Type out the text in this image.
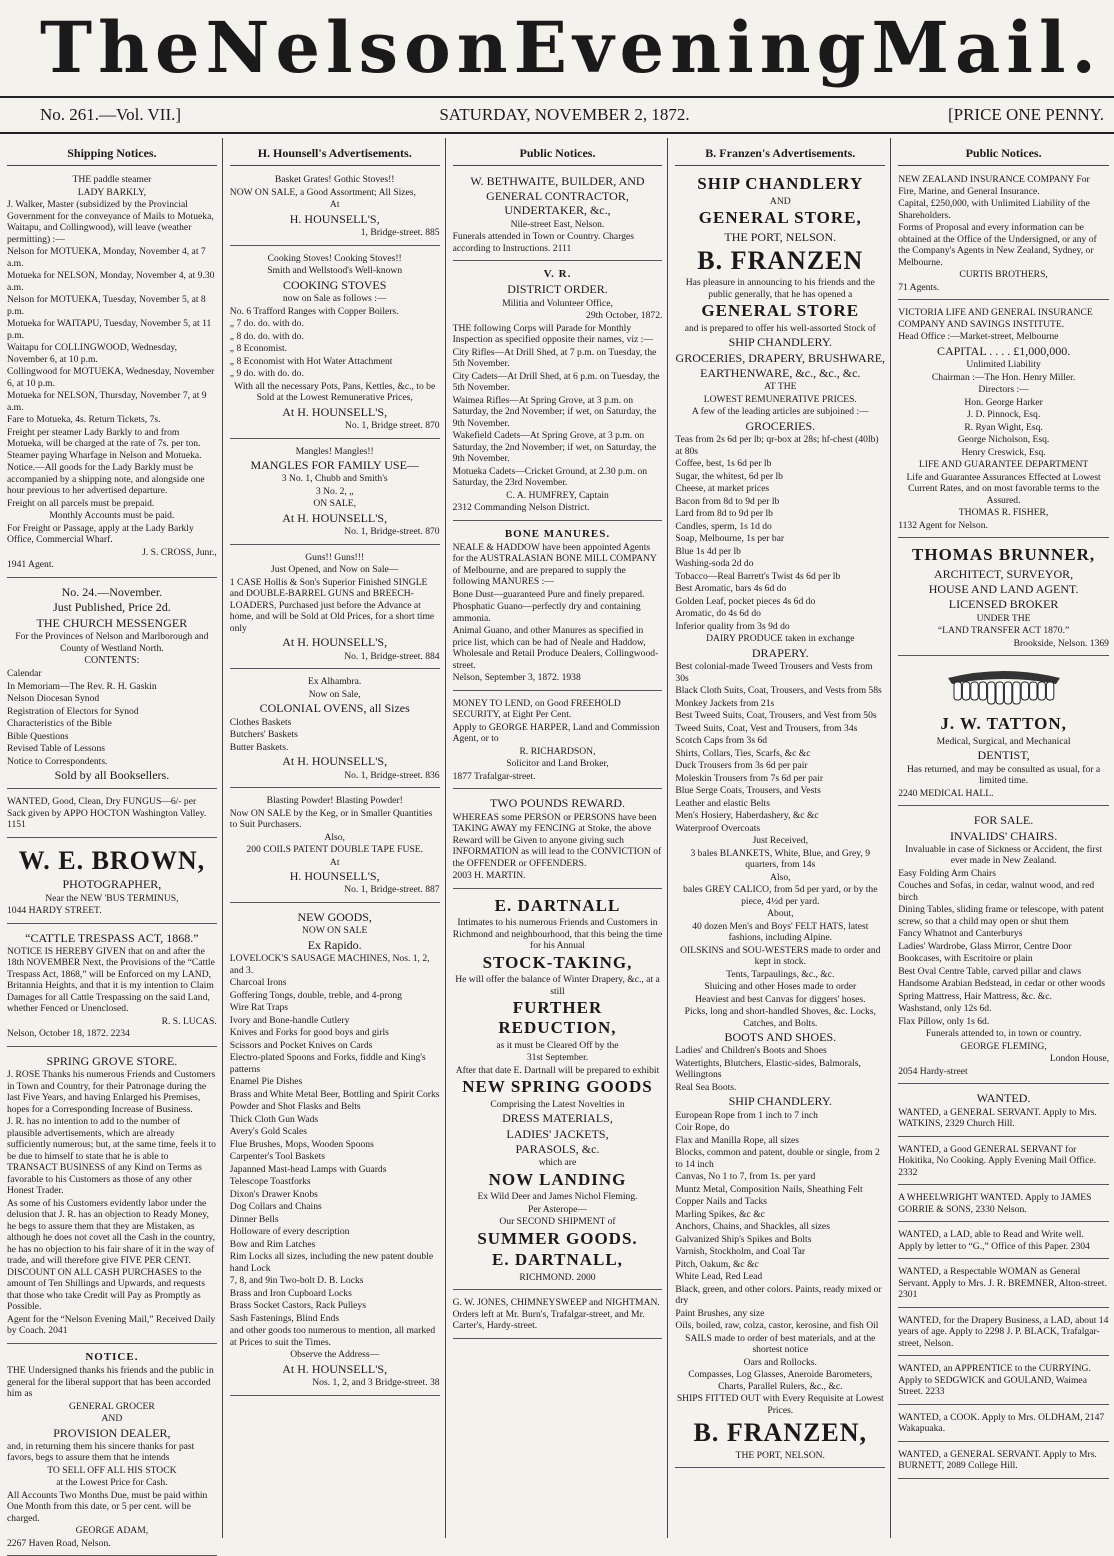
The Nelson Evening Mail.
No. 261.—Vol. VII.]	SATURDAY, NOVEMBER 2, 1872.	[PRICE ONE PENNY.
Shipping Notices.

THE paddle steamer

LADY BARKLY,

J. Walker, Master (subsidized by the Provincial Government for the conveyance of Mails to Motueka, Waitapu, and Collingwood), will leave (weather permitting) :—

Nelson for MOTUEKA, Monday, November 4, at 7 a.m.

Motueka for NELSON, Monday, November 4, at 9.30 a.m.

Nelson for MOTUEKA, Tuesday, November 5, at 8 p.m.

Motueka for WAITAPU, Tuesday, November 5, at 11 p.m.

Waitapu for COLLINGWOOD, Wednesday, November 6, at 10 p.m.

Collingwood for MOTUEKA, Wednesday, November 6, at 10 p.m.

Motueka for NELSON, Thursday, November 7, at 9 a.m.

Fare to Motueka, 4s. Return Tickets, 7s.

Freight per steamer Lady Barkly to and from Motueka, will be charged at the rate of 7s. per ton. Steamer paying Wharfage in Nelson and Motueka.

Notice.—All goods for the Lady Barkly must be accompanied by a shipping note, and alongside one hour previous to her advertised departure.

Freight on all parcels must be prepaid.

Monthly Accounts must be paid.

For Freight or Passage, apply at the Lady Barkly Office, Commercial Wharf.

J. S. CROSS, Junr.,

1941 Agent.

No. 24.—November.

Just Published, Price 2d.

THE CHURCH MESSENGER

For the Provinces of Nelson and Marlborough and County of Westland North.

CONTENTS:

Calendar

In Memoriam—The Rev. R. H. Gaskin

Nelson Diocesan Synod

Registration of Electors for Synod

Characteristics of the Bible

Bible Questions

Revised Table of Lessons

Notice to Correspondents.

Sold by all Booksellers.

WANTED, Good, Clean, Dry FUNGUS—6/- per Sack given by APPO HOCTON Washington Valley. 1151

W. E. BROWN,

PHOTOGRAPHER,

Near the NEW 'BUS TERMINUS,

1044 HARDY STREET.

“CATTLE TRESPASS ACT, 1868.”

NOTICE IS HEREBY GIVEN that on and after the 18th NOVEMBER Next, the Provisions of the “Cattle Trespass Act, 1868,” will be Enforced on my LAND, Britannia Heights, and that it is my intention to Claim Damages for all Cattle Trespassing on the said Land, whether Fenced or Unenclosed.

R. S. LUCAS.

Nelson, October 18, 1872. 2234

SPRING GROVE STORE.

J. ROSE Thanks his numerous Friends and Customers in Town and Country, for their Patronage during the last Five Years, and having Enlarged his Premises, hopes for a Corresponding Increase of Business.

J. R. has no intention to add to the number of plausible advertisements, which are already sufficiently numerous; but, at the same time, feels it to be due to himself to state that he is able to TRANSACT BUSINESS of any Kind on Terms as favorable to his Customers as those of any other Honest Trader.

As some of his Customers evidently labor under the delusion that J. R. has an objection to Ready Money, he begs to assure them that they are Mistaken, as although he does not covet all the Cash in the country, he has no objection to his fair share of it in the way of trade, and will therefore give FIVE PER CENT. DISCOUNT ON ALL CASH PURCHASES to the amount of Ten Shillings and Upwards, and requests that those who take Credit will Pay as Promptly as Possible.

Agent for the “Nelson Evening Mail,” Received Daily by Coach. 2041

NOTICE.

THE Undersigned thanks his friends and the public in general for the liberal support that has been accorded him as

GENERAL GROCER

AND

PROVISION DEALER,

and, in returning them his sincere thanks for past favors, begs to assure them that he intends

TO SELL OFF ALL HIS STOCK

at the Lowest Price for Cash.

All Accounts Two Months Due, must be paid within One Month from this date, or 5 per cent. will be charged.

GEORGE ADAM,

2267 Haven Road, Nelson.

H. Hounsell's Advertisements.

Basket Grates! Gothic Stoves!!

NOW ON SALE, a Good Assortment; All Sizes,

At

H. HOUNSELL'S,

1, Bridge-street. 885

Cooking Stoves! Cooking Stoves!!

Smith and Wellstood's Well-known

COOKING STOVES

now on Sale as follows :—

No. 6 Trafford Ranges with Copper Boilers.

„ 7 do. do. with do.

„ 8 do. do. with do.

„ 8 Economist.

„ 8 Economist with Hot Water Attachment

„ 9 do. with do. do.

With all the necessary Pots, Pans, Kettles, &c., to be Sold at the Lowest Remunerative Prices,

At H. HOUNSELL'S,

No. 1, Bridge street. 870

Mangles! Mangles!!

MANGLES FOR FAMILY USE—

3 No. 1, Chubb and Smith's

3 No. 2, „

ON SALE,

At H. HOUNSELL'S,

No. 1, Bridge-street. 870

Guns!! Guns!!!

Just Opened, and Now on Sale—

1 CASE Hollis & Son's Superior Finished SINGLE and DOUBLE-BARREL GUNS and BREECH-LOADERS, Purchased just before the Advance at home, and will be Sold at Old Prices, for a short time only

At H. HOUNSELL'S,

No. 1, Bridge-street. 884

Ex Alhambra.

Now on Sale,

COLONIAL OVENS, all Sizes

Clothes Baskets

Butchers' Baskets

Butter Baskets.

At H. HOUNSELL'S,

No. 1, Bridge-street. 836

Blasting Powder! Blasting Powder!

Now ON SALE by the Keg, or in Smaller Quantities to Suit Purchasers.

Also,

200 COILS PATENT DOUBLE TAPE FUSE.

At

H. HOUNSELL'S,

No. 1, Bridge-street. 887

NEW GOODS,

NOW ON SALE

Ex Rapido.

LOVELOCK'S SAUSAGE MACHINES, Nos. 1, 2, and 3.

Charcoal Irons

Goffering Tongs, double, treble, and 4-prong

Wire Rat Traps

Ivory and Bone-handle Cutlery

Knives and Forks for good boys and girls

Scissors and Pocket Knives on Cards

Electro-plated Spoons and Forks, fiddle and King's patterns

Enamel Pie Dishes

Brass and White Metal Beer, Bottling and Spirit Corks

Powder and Shot Flasks and Belts

Thick Cloth Gun Wads

Avery's Gold Scales

Flue Brushes, Mops, Wooden Spoons

Carpenter's Tool Baskets

Japanned Mast-head Lamps with Guards

Telescope Toastforks

Dixon's Drawer Knobs

Dog Collars and Chains

Dinner Bells

Holloware of every description

Bow and Rim Latches

Rim Locks all sizes, including the new patent double hand Lock

7, 8, and 9in Two-bolt D. B. Locks

Brass and Iron Cupboard Locks

Brass Socket Castors, Rack Pulleys

Sash Fastenings, Blind Ends

and other goods too numerous to mention, all marked at Prices to suit the Times.

Observe the Address—

At H. HOUNSELL'S,

Nos. 1, 2, and 3 Bridge-street. 38

Public Notices.

W. BETHWAITE, BUILDER, AND GENERAL CONTRACTOR, UNDERTAKER, &c.,

Nile-street East, Nelson.

Funerals attended in Town or Country. Charges according to Instructions. 2111

V. R.

DISTRICT ORDER.

Militia and Volunteer Office,

29th October, 1872.

THE following Corps will Parade for Monthly Inspection as specified opposite their names, viz :—

City Rifles—At Drill Shed, at 7 p.m. on Tuesday, the 5th November.

City Cadets—At Drill Shed, at 6 p.m. on Tuesday, the 5th November.

Waimea Rifles—At Spring Grove, at 3 p.m. on Saturday, the 2nd November; if wet, on Saturday, the 9th November.

Wakefield Cadets—At Spring Grove, at 3 p.m. on Saturday, the 2nd November; if wet, on Saturday, the 9th November.

Motueka Cadets—Cricket Ground, at 2.30 p.m. on Saturday, the 23rd November.

C. A. HUMFREY, Captain

2312 Commanding Nelson District.

BONE MANURES.

NEALE & HADDOW have been appointed Agents for the AUSTRALASIAN BONE MILL COMPANY of Melbourne, and are prepared to supply the following MANURES :—

Bone Dust—guaranteed Pure and finely prepared.

Phosphatic Guano—perfectly dry and containing ammonia.

Animal Guano, and other Manures as specified in price list, which can be had of Neale and Haddow, Wholesale and Retail Produce Dealers, Collingwood-street.

Nelson, September 3, 1872. 1938

MONEY TO LEND, on Good FREEHOLD SECURITY, at Eight Per Cent.

Apply to GEORGE HARPER, Land and Commission Agent, or to

R. RICHARDSON,

Solicitor and Land Broker,

1877 Trafalgar-street.

TWO POUNDS REWARD.

WHEREAS some PERSON or PERSONS have been TAKING AWAY my FENCING at Stoke, the above Reward will be Given to anyone giving such INFORMATION as will lead to the CONVICTION of the OFFENDER or OFFENDERS.

2003 H. MARTIN.

E. DARTNALL

Intimates to his numerous Friends and Customers in Richmond and neighbourhood, that this being the time for his Annual

STOCK-TAKING,

He will offer the balance of Winter Drapery, &c., at a still

FURTHER REDUCTION,

as it must be Cleared Off by the

31st September.

After that date E. Dartnall will be prepared to exhibit

NEW SPRING GOODS

Comprising the Latest Novelties in

DRESS MATERIALS,

LADIES' JACKETS,

PARASOLS, &c.

which are

NOW LANDING

Ex Wild Deer and James Nichol Fleming.

Per Asterope—

Our SECOND SHIPMENT of

SUMMER GOODS.

E. DARTNALL,

RICHMOND. 2000

G. W. JONES, CHIMNEYSWEEP and NIGHTMAN. Orders left at Mr. Burn's, Trafalgar-street, and Mr. Carter's, Hardy-street.

B. Franzen's Advertisements.

SHIP CHANDLERY

AND

GENERAL STORE,

THE PORT, NELSON.

B. FRANZEN

Has pleasure in announcing to his friends and the public generally, that he has opened a

GENERAL STORE

and is prepared to offer his well-assorted Stock of

SHIP CHANDLERY.

GROCERIES, DRAPERY, BRUSHWARE,

EARTHENWARE, &c., &c., &c.

AT THE

LOWEST REMUNERATIVE PRICES.

A few of the leading articles are subjoined :—

GROCERIES.

Teas from 2s 6d per lb; qr-box at 28s; hf-chest (40lb) at 80s

Coffee, best, 1s 6d per lb

Sugar, the whitest, 6d per lb

Cheese, at market prices

Bacon from 8d to 9d per lb

Lard from 8d to 9d per lb

Candles, sperm, 1s 1d do

Soap, Melbourne, 1s per bar

Blue 1s 4d per lb

Washing-soda 2d do

Tobacco—Real Barrett's Twist 4s 6d per lb

Best Aromatic, bars 4s 6d do

Golden Leaf, pocket pieces 4s 6d do

Aromatic, do 4s 6d do

Inferior quality from 3s 9d do

DAIRY PRODUCE taken in exchange

DRAPERY.

Best colonial-made Tweed Trousers and Vests from 30s

Black Cloth Suits, Coat, Trousers, and Vests from 58s

Monkey Jackets from 21s

Best Tweed Suits, Coat, Trousers, and Vest from 50s

Tweed Suits, Coat, Vest and Trousers, from 34s

Scotch Caps from 3s 6d

Shirts, Collars, Ties, Scarfs, &c &c

Duck Trousers from 3s 6d per pair

Moleskin Trousers from 7s 6d per pair

Blue Serge Coats, Trousers, and Vests

Leather and elastic Belts

Men's Hosiery, Haberdashery, &c &c

Waterproof Overcoats

Just Received,

3 bales BLANKETS, White, Blue, and Grey, 9 quarters, from 14s

Also,

bales GREY CALICO, from 5d per yard, or by the piece, 4½d per yard.

About,

40 dozen Men's and Boys' FELT HATS, latest fashions, including Alpine.

OILSKINS and SOU-WESTERS made to order and kept in stock.

Tents, Tarpaulings, &c., &c.

Sluicing and other Hoses made to order

Heaviest and best Canvas for diggers' hoses.

Picks, long and short-handled Shoves, &c. Locks, Catches, and Bolts.

BOOTS AND SHOES.

Ladies' and Children's Boots and Shoes

Watertights, Blutchers, Elastic-sides, Balmorals, Wellingtons

Real Sea Boots.

SHIP CHANDLERY.

European Rope from 1 inch to 7 inch

Coir Rope, do

Flax and Manilla Rope, all sizes

Blocks, common and patent, double or single, from 2 to 14 inch

Canvas, No 1 to 7, from 1s. per yard

Muntz Metal, Composition Nails, Sheathing Felt

Copper Nails and Tacks

Marling Spikes, &c &c

Anchors, Chains, and Shackles, all sizes

Galvanized Ship's Spikes and Bolts

Varnish, Stockholm, and Coal Tar

Pitch, Oakum, &c &c

White Lead, Red Lead

Black, green, and other colors. Paints, ready mixed or dry

Paint Brushes, any size

Oils, boiled, raw, colza, castor, kerosine, and fish Oil

SAILS made to order of best materials, and at the shortest notice

Oars and Rollocks.

Compasses, Log Glasses, Aneroide Barometers, Charts, Parallel Rulers, &c., &c.

SHIPS FITTED OUT with Every Requisite at Lowest Prices.

B. FRANZEN,

THE PORT, NELSON.

Public Notices.

NEW ZEALAND INSURANCE COMPANY For Fire, Marine, and General Insurance.

Capital, £250,000, with Unlimited Liability of the Shareholders.

Forms of Proposal and every information can be obtained at the Office of the Undersigned, or any of the Company's Agents in New Zealand, Sydney, or Melbourne.

CURTIS BROTHERS,

71 Agents.

VICTORIA LIFE AND GENERAL INSURANCE COMPANY AND SAVINGS INSTITUTE.

Head Office :—Market-street, Melbourne

CAPITAL . . . . £1,000,000.

Unlimited Liability

Chairman :—The Hon. Henry Miller.

Directors :—

Hon. George Harker

J. D. Pinnock, Esq.

R. Ryan Wight, Esq.

George Nicholson, Esq.

Henry Creswick, Esq.

LIFE AND GUARANTEE DEPARTMENT

Life and Guarantee Assurances Effected at Lowest Current Rates, and on most favorable terms to the Assured.

THOMAS R. FISHER,

1132 Agent for Nelson.

THOMAS BRUNNER,

ARCHITECT, SURVEYOR,

HOUSE AND LAND AGENT.

LICENSED BROKER

UNDER THE

“LAND TRANSFER ACT 1870.”

Brookside, Nelson. 1369

J. W. TATTON,

Medical, Surgical, and Mechanical

DENTIST,

Has returned, and may be consulted as usual, for a limited time.

2240 MEDICAL HALL.

FOR SALE.

INVALIDS' CHAIRS.

Invaluable in case of Sickness or Accident, the first ever made in New Zealand.

Easy Folding Arm Chairs

Couches and Sofas, in cedar, walnut wood, and red birch

Dining Tables, sliding frame or telescope, with patent screw, so that a child may open or shut them

Fancy Whatnot and Canterburys

Ladies' Wardrobe, Glass Mirror, Centre Door

Bookcases, with Escritoire or plain

Best Oval Centre Table, carved pillar and claws

Handsome Arabian Bedstead, in cedar or other woods

Spring Mattress, Hair Mattress, &c. &c.

Washstand, only 12s 6d.

Flax Pillow, only 1s 6d.

Funerals attended to, in town or country.

GEORGE FLEMING,

London House,

2054 Hardy-street

WANTED.

WANTED, a GENERAL SERVANT. Apply to Mrs. WATKINS, 2329 Church Hill.

WANTED, a Good GENERAL SERVANT for Hokitika, No Cooking. Apply Evening Mail Office. 2332

A WHEELWRIGHT WANTED. Apply to JAMES GORRIE & SONS, 2330 Nelson.

WANTED, a LAD, able to Read and Write well. Apply by letter to “G.,” Office of this Paper. 2304

WANTED, a Respectable WOMAN as General Servant. Apply to Mrs. J. R. BREMNER, Alton-street. 2301

WANTED, for the Drapery Business, a LAD, about 14 years of age. Apply to 2298 J. P. BLACK, Trafalgar-street, Nelson.

WANTED, an APPRENTICE to the CURRYING. Apply to SEDGWICK and GOULAND, Waimea Street. 2233

WANTED, a COOK. Apply to Mrs. OLDHAM, 2147 Wakapuaka.

WANTED, a GENERAL SERVANT. Apply to Mrs. BURNETT, 2089 College Hill.
